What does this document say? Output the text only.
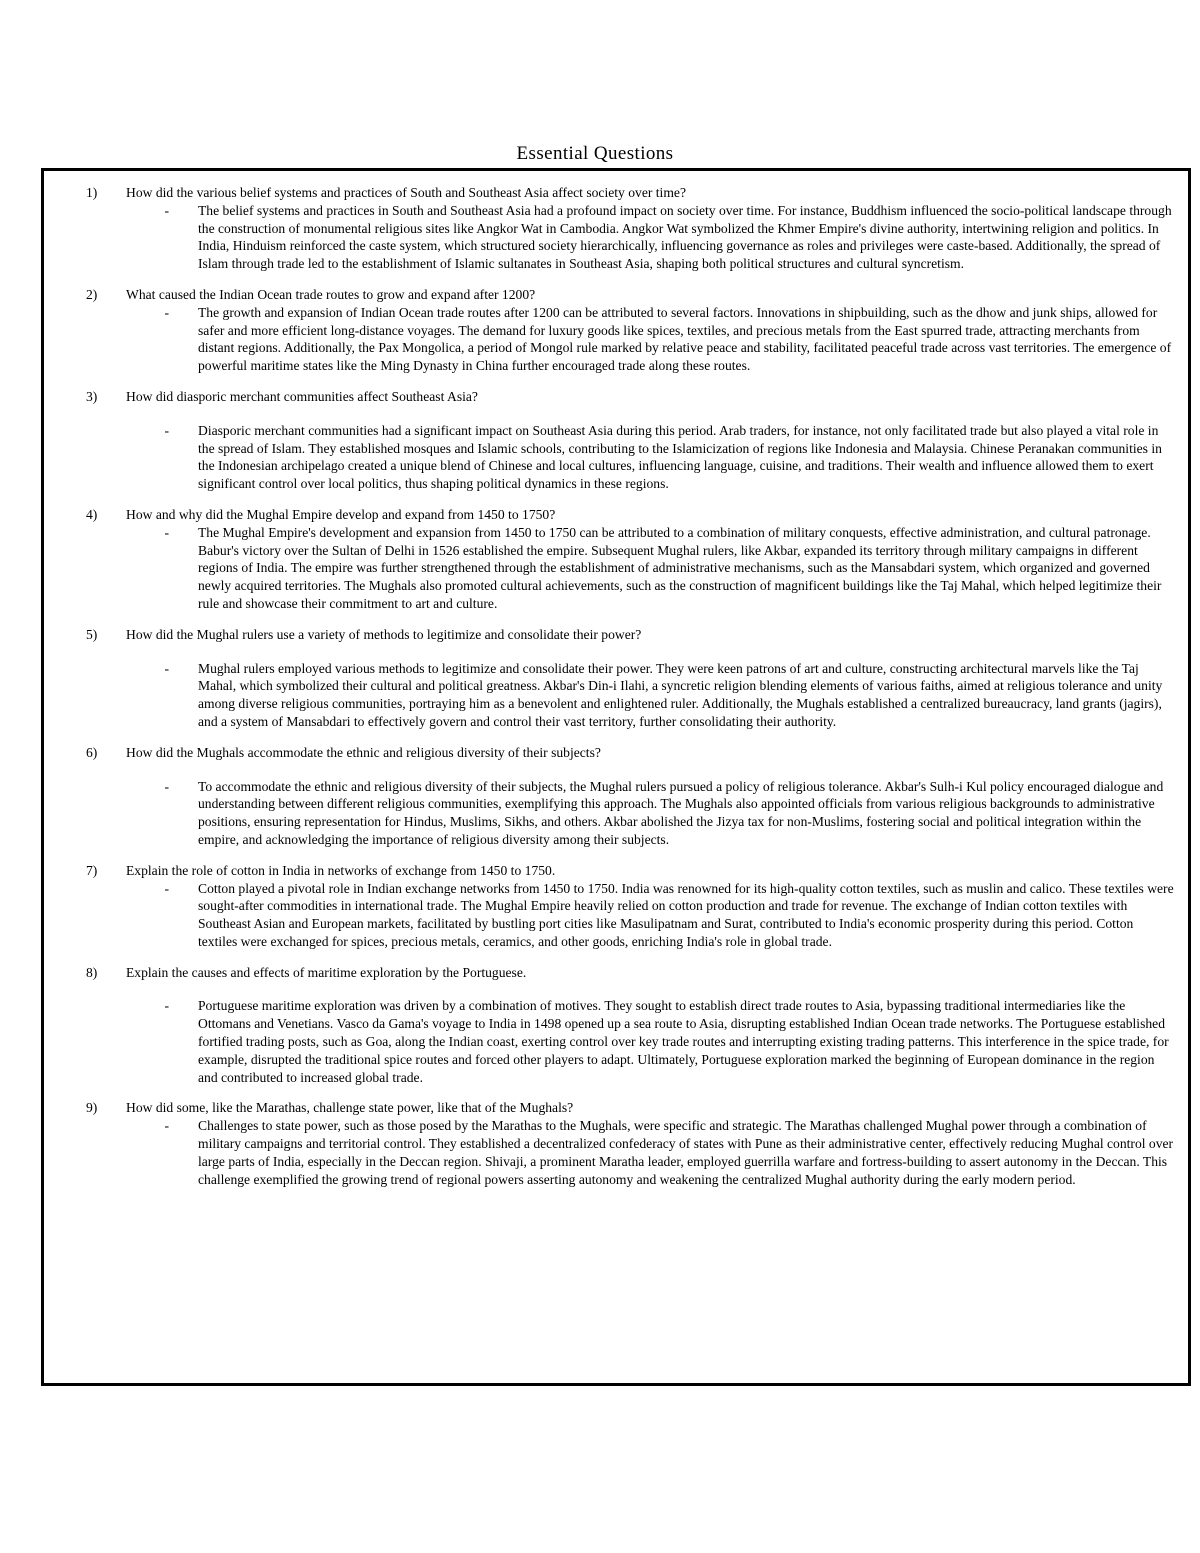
Essential Questions
1)	How did the various belief systems and practices of South and Southeast Asia affect society over time?
-	The belief systems and practices in South and Southeast Asia had a profound impact on society over time. For instance, Buddhism influenced the socio-political landscape through the construction of monumental religious sites like Angkor Wat in Cambodia. Angkor Wat symbolized the Khmer Empire's divine authority, intertwining religion and politics. In India, Hinduism reinforced the caste system, which structured society hierarchically, influencing governance as roles and privileges were caste-based. Additionally, the spread of Islam through trade led to the establishment of Islamic sultanates in Southeast Asia, shaping both political structures and cultural syncretism.
2)	What caused the Indian Ocean trade routes to grow and expand after 1200?
-	The growth and expansion of Indian Ocean trade routes after 1200 can be attributed to several factors. Innovations in shipbuilding, such as the dhow and junk ships, allowed for safer and more efficient long-distance voyages. The demand for luxury goods like spices, textiles, and precious metals from the East spurred trade, attracting merchants from distant regions. Additionally, the Pax Mongolica, a period of Mongol rule marked by relative peace and stability, facilitated peaceful trade across vast territories. The emergence of powerful maritime states like the Ming Dynasty in China further encouraged trade along these routes.
3)	How did diasporic merchant communities affect Southeast Asia?
-	Diasporic merchant communities had a significant impact on Southeast Asia during this period. Arab traders, for instance, not only facilitated trade but also played a vital role in the spread of Islam. They established mosques and Islamic schools, contributing to the Islamicization of regions like Indonesia and Malaysia. Chinese Peranakan communities in the Indonesian archipelago created a unique blend of Chinese and local cultures, influencing language, cuisine, and traditions. Their wealth and influence allowed them to exert significant control over local politics, thus shaping political dynamics in these regions.
4)	How and why did the Mughal Empire develop and expand from 1450 to 1750?
-	The Mughal Empire's development and expansion from 1450 to 1750 can be attributed to a combination of military conquests, effective administration, and cultural patronage. Babur's victory over the Sultan of Delhi in 1526 established the empire. Subsequent Mughal rulers, like Akbar, expanded its territory through military campaigns in different regions of India. The empire was further strengthened through the establishment of administrative mechanisms, such as the Mansabdari system, which organized and governed newly acquired territories. The Mughals also promoted cultural achievements, such as the construction of magnificent buildings like the Taj Mahal, which helped legitimize their rule and showcase their commitment to art and culture.
5)	How did the Mughal rulers use a variety of methods to legitimize and consolidate their power?
-	Mughal rulers employed various methods to legitimize and consolidate their power. They were keen patrons of art and culture, constructing architectural marvels like the Taj Mahal, which symbolized their cultural and political greatness. Akbar's Din-i Ilahi, a syncretic religion blending elements of various faiths, aimed at religious tolerance and unity among diverse religious communities, portraying him as a benevolent and enlightened ruler. Additionally, the Mughals established a centralized bureaucracy, land grants (jagirs), and a system of Mansabdari to effectively govern and control their vast territory, further consolidating their authority.
6)	How did the Mughals accommodate the ethnic and religious diversity of their subjects?
-	To accommodate the ethnic and religious diversity of their subjects, the Mughal rulers pursued a policy of religious tolerance. Akbar's Sulh-i Kul policy encouraged dialogue and understanding between different religious communities, exemplifying this approach. The Mughals also appointed officials from various religious backgrounds to administrative positions, ensuring representation for Hindus, Muslims, Sikhs, and others. Akbar abolished the Jizya tax for non-Muslims, fostering social and political integration within the empire, and acknowledging the importance of religious diversity among their subjects.
7)	Explain the role of cotton in India in networks of exchange from 1450 to 1750.
-	Cotton played a pivotal role in Indian exchange networks from 1450 to 1750. India was renowned for its high-quality cotton textiles, such as muslin and calico. These textiles were sought-after commodities in international trade. The Mughal Empire heavily relied on cotton production and trade for revenue. The exchange of Indian cotton textiles with Southeast Asian and European markets, facilitated by bustling port cities like Masulipatnam and Surat, contributed to India's economic prosperity during this period. Cotton textiles were exchanged for spices, precious metals, ceramics, and other goods, enriching India's role in global trade.
8)	Explain the causes and effects of maritime exploration by the Portuguese.
-	Portuguese maritime exploration was driven by a combination of motives. They sought to establish direct trade routes to Asia, bypassing traditional intermediaries like the Ottomans and Venetians. Vasco da Gama's voyage to India in 1498 opened up a sea route to Asia, disrupting established Indian Ocean trade networks. The Portuguese established fortified trading posts, such as Goa, along the Indian coast, exerting control over key trade routes and interrupting existing trading patterns. This interference in the spice trade, for example, disrupted the traditional spice routes and forced other players to adapt. Ultimately, Portuguese exploration marked the beginning of European dominance in the region and contributed to increased global trade.
9)	How did some, like the Marathas, challenge state power, like that of the Mughals?
-	Challenges to state power, such as those posed by the Marathas to the Mughals, were specific and strategic. The Marathas challenged Mughal power through a combination of military campaigns and territorial control. They established a decentralized confederacy of states with Pune as their administrative center, effectively reducing Mughal control over large parts of India, especially in the Deccan region. Shivaji, a prominent Maratha leader, employed guerrilla warfare and fortress-building to assert autonomy in the Deccan. This challenge exemplified the growing trend of regional powers asserting autonomy and weakening the centralized Mughal authority during the early modern period.
